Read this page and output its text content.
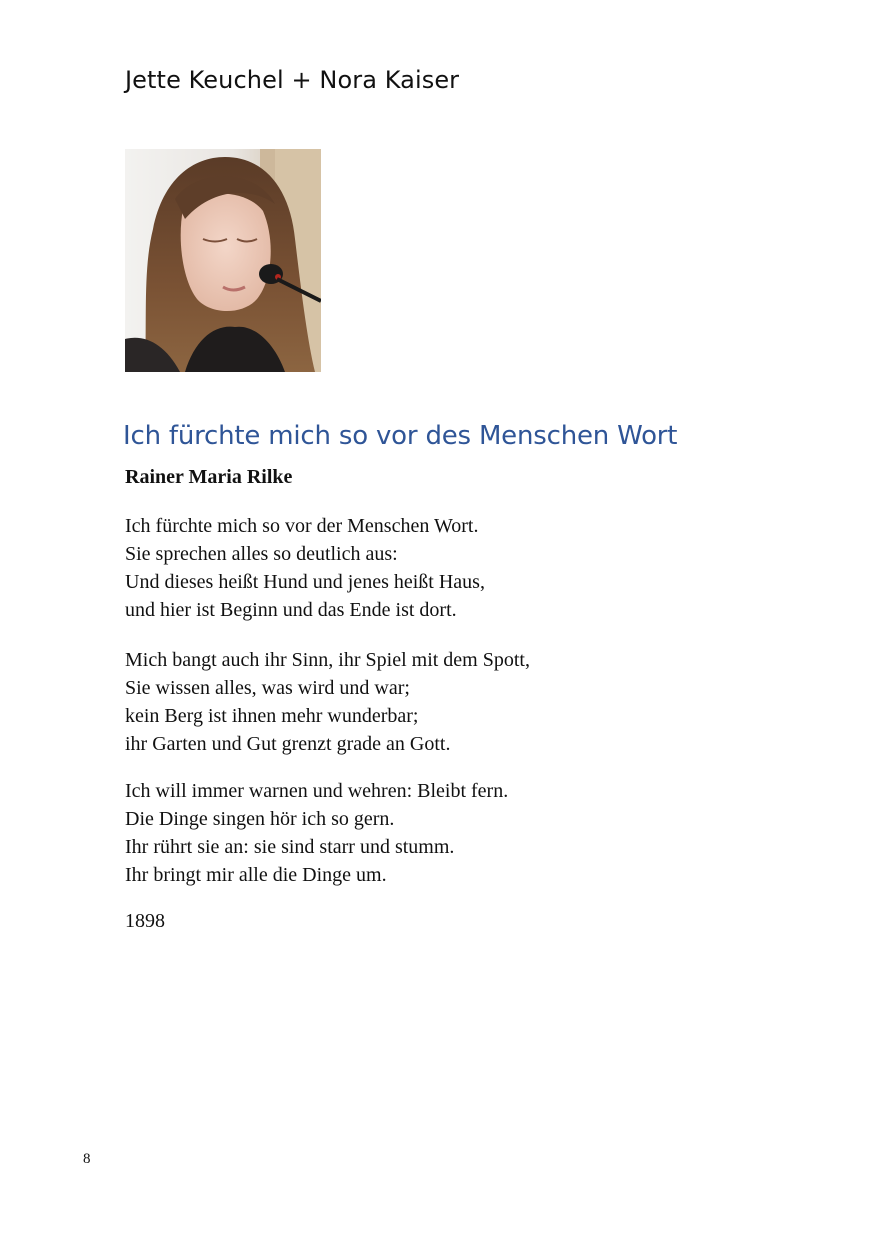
Jette Keuchel + Nora Kaiser
Ich fürchte mich so vor des Menschen Wort
Rainer Maria Rilke

Ich fürchte mich so vor der Menschen Wort.
Sie sprechen alles so deutlich aus:
Und dieses heißt Hund und jenes heißt Haus,
und hier ist Beginn und das Ende ist dort.

Mich bangt auch ihr Sinn, ihr Spiel mit dem Spott,
Sie wissen alles, was wird und war;
kein Berg ist ihnen mehr wunderbar;
ihr Garten und Gut grenzt grade an Gott.

Ich will immer warnen und wehren: Bleibt fern.
Die Dinge singen hör ich so gern.
Ihr rührt sie an: sie sind starr und stumm.
Ihr bringt mir alle die Dinge um.

1898
8
